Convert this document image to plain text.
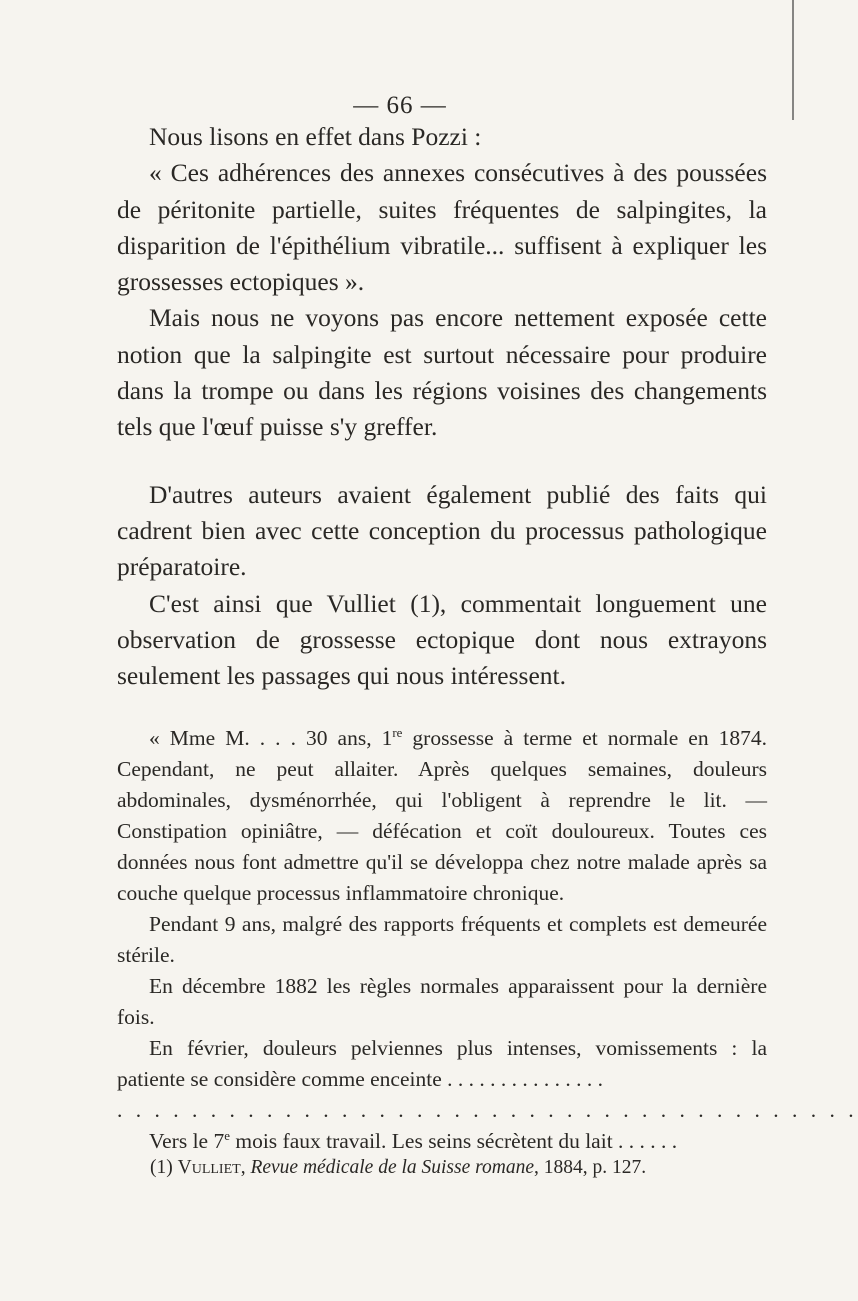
— 66 —

Nous lisons en effet dans Pozzi :

« Ces adhérences des annexes consécutives à des poussées de péritonite partielle, suites fréquentes de salpingites, la disparition de l'épithélium vibratile... suffisent à expliquer les grossesses ectopiques ».

Mais nous ne voyons pas encore nettement exposée cette notion que la salpingite est surtout nécessaire pour produire dans la trompe ou dans les régions voisines des changements tels que l'œuf puisse s'y greffer.

D'autres auteurs avaient également publié des faits qui cadrent bien avec cette conception du processus pathologique préparatoire.

C'est ainsi que Vulliet (1), commentait longuement une observation de grossesse ectopique dont nous extrayons seulement les passages qui nous intéressent.

« Mme M. . . . 30 ans, 1re grossesse à terme et normale en 1874. Cependant, ne peut allaiter. Après quelques semaines, douleurs abdominales, dysménorrhée, qui l'obligent à reprendre le lit. — Constipation opiniâtre, — défécation et coït douloureux. Toutes ces données nous font admettre qu'il se développa chez notre malade après sa couche quelque processus inflammatoire chronique.

Pendant 9 ans, malgré des rapports fréquents et complets est demeurée stérile.

En décembre 1882 les règles normales apparaissent pour la dernière fois.

En février, douleurs pelviennes plus intenses, vomissements : la patiente se considère comme enceinte . . . . . . . . . . . . . . .

. . . . . . . . . . . . . . . . . . . . . . . . . . . . . . . . . . . . . . . .

Vers le 7e mois faux travail. Les seins sécrètent du lait . . . . . .

(1) Vulliet, Revue médicale de la Suisse romane, 1884, p. 127.
